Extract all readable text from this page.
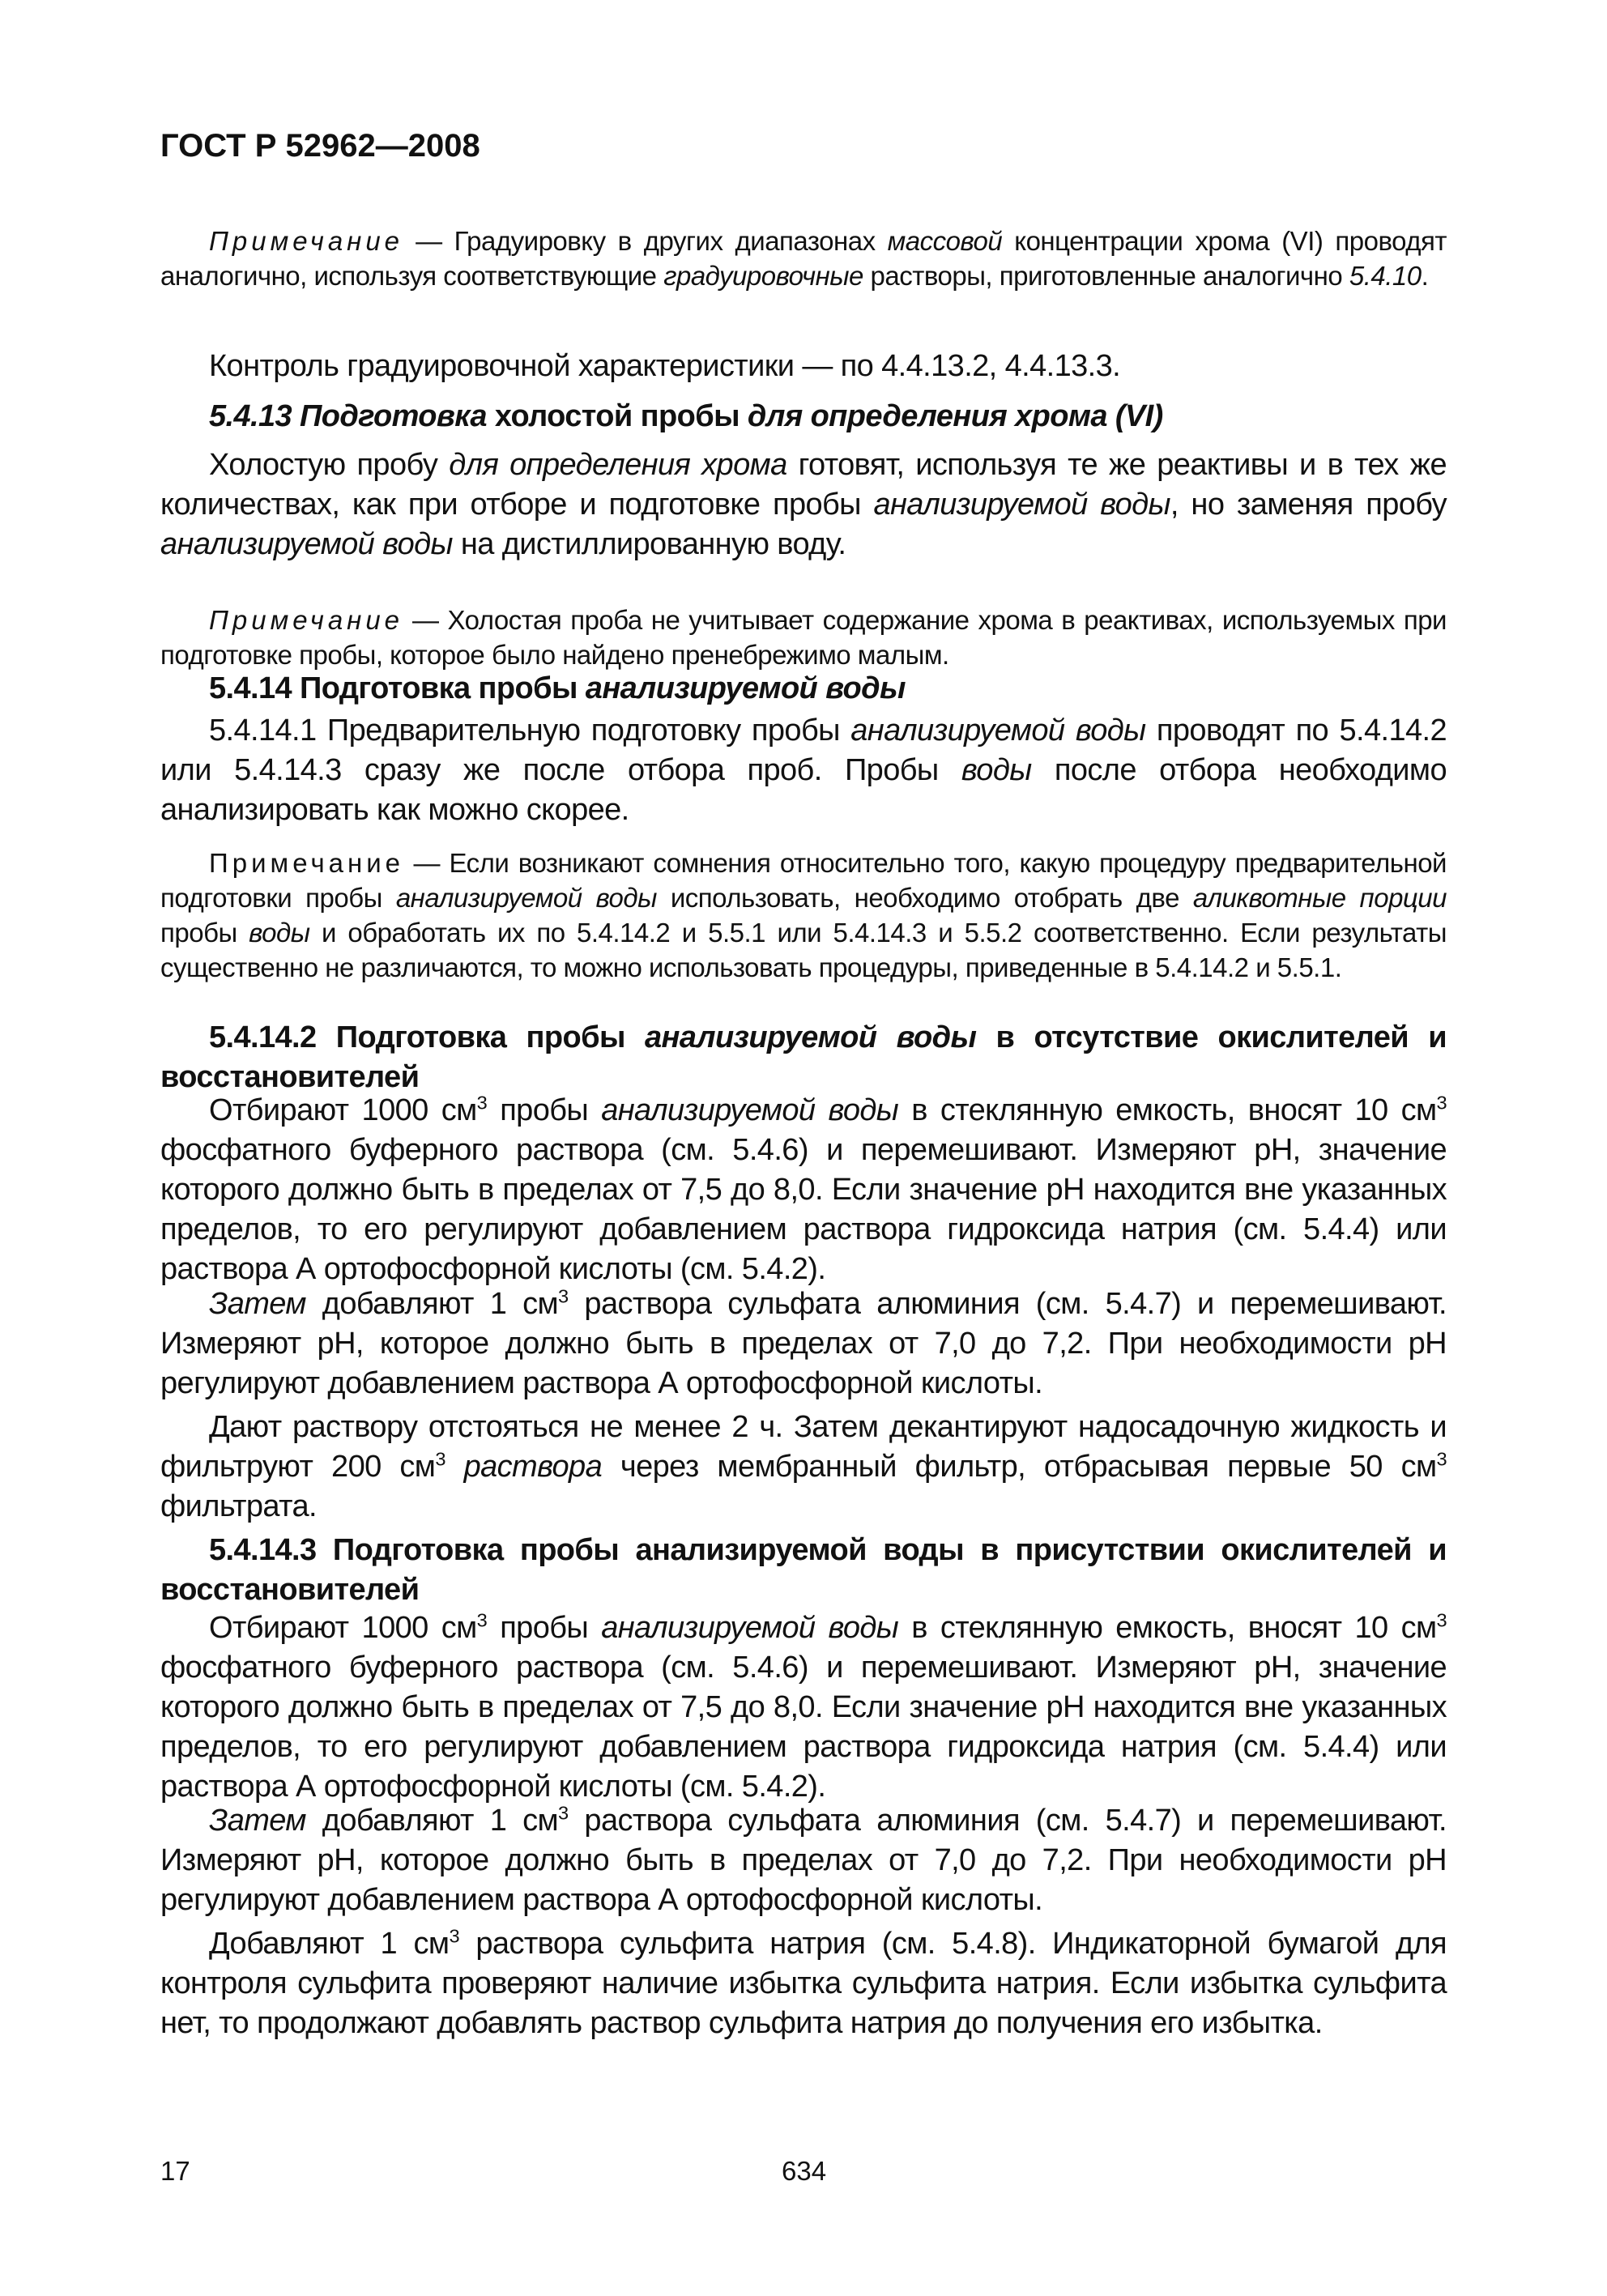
ГОСТ Р 52962—2008
Примечание — Градуировку в других диапазонах массовой концентрации хрома (VI) проводят аналогично, используя соответствующие градуировочные растворы, приготовленные аналогично 5.4.10.
Контроль градуировочной характеристики — по 4.4.13.2, 4.4.13.3.
5.4.13 Подготовка холостой пробы для определения хрома (VI)
Холостую пробу для определения хрома готовят, используя те же реактивы и в тех же количествах, как при отборе и подготовке пробы анализируемой воды, но заменяя пробу анализируемой воды на дистиллированную воду.
Примечание — Холостая проба не учитывает содержание хрома в реактивах, используемых при подготовке пробы, которое было найдено пренебрежимо малым.
5.4.14 Подготовка пробы анализируемой воды
5.4.14.1 Предварительную подготовку пробы анализируемой воды проводят по 5.4.14.2 или 5.4.14.3 сразу же после отбора проб. Пробы воды после отбора необходимо анализировать как можно скорее.
Примечание — Если возникают сомнения относительно того, какую процедуру предварительной подготовки пробы анализируемой воды использовать, необходимо отобрать две аликвотные порции пробы воды и обработать их по 5.4.14.2 и 5.5.1 или 5.4.14.3 и 5.5.2 соответственно. Если результаты существенно не различаются, то можно использовать процедуры, приведенные в 5.4.14.2 и 5.5.1.
5.4.14.2 Подготовка пробы анализируемой воды в отсутствие окислителей и восстановителей
Отбирают 1000 $см^3$ пробы анализируемой воды в стеклянную емкость, вносят 10 $см^3$ фосфатного буферного раствора (см. 5.4.6) и перемешивают. Измеряют pH, значение которого должно быть в пределах от 7,5 до 8,0. Если значение pH находится вне указанных пределов, то его регулируют добавлением раствора гидроксида натрия (см. 5.4.4) или раствора А ортофосфорной кислоты (см. 5.4.2).
Затем добавляют 1 $см^3$ раствора сульфата алюминия (см. 5.4.7) и перемешивают. Измеряют pH, которое должно быть в пределах от 7,0 до 7,2. При необходимости pH регулируют добавлением раствора А ортофосфорной кислоты.
Дают раствору отстояться не менее 2 ч. Затем декантируют надосадочную жидкость и фильтруют 200 $см^3$ раствора через мембранный фильтр, отбрасывая первые 50 $см^3$ фильтрата.
5.4.14.3 Подготовка пробы анализируемой воды в присутствии окислителей и восстановителей
Отбирают 1000 $см^3$ пробы анализируемой воды в стеклянную емкость, вносят 10 $см^3$ фосфатного буферного раствора (см. 5.4.6) и перемешивают. Измеряют pH, значение которого должно быть в пределах от 7,5 до 8,0. Если значение pH находится вне указанных пределов, то его регулируют добавлением раствора гидроксида натрия (см. 5.4.4) или раствора А ортофосфорной кислоты (см. 5.4.2).
Затем добавляют 1 $см^3$ раствора сульфата алюминия (см. 5.4.7) и перемешивают. Измеряют pH, которое должно быть в пределах от 7,0 до 7,2. При необходимости pH регулируют добавлением раствора А ортофосфорной кислоты.
Добавляют 1 $см^3$ раствора сульфита натрия (см. 5.4.8). Индикаторной бумагой для контроля сульфита проверяют наличие избытка сульфита натрия. Если избытка сульфита нет, то продолжают добавлять раствор сульфита натрия до получения его избытка.
17	634
